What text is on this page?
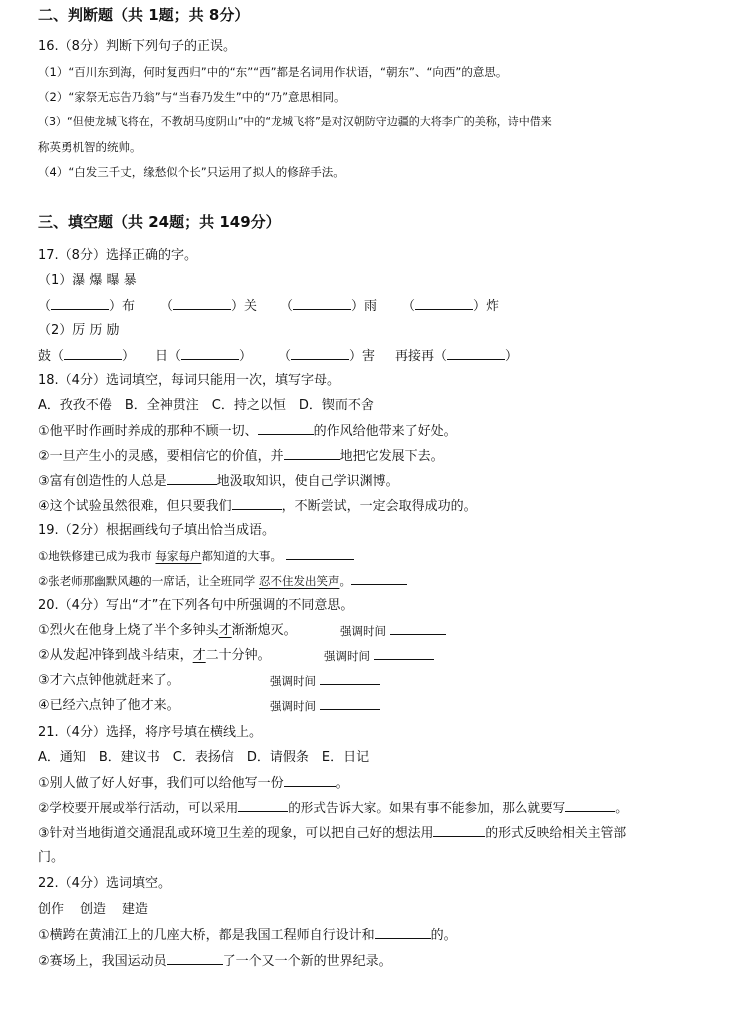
二、判断题（共 1题；共 8分）
16.（8分）判断下列句子的正误。
（1）“百川东到海，何时复西归”中的“东”“西”都是名词用作状语，“朝东”、“向西”的意思。
（2）“家祭无忘告乃翁”与“当春乃发生”中的“乃”意思相同。
（3）“但使龙城飞将在，不教胡马度阴山”中的“龙城飞将”是对汉朝防守边疆的大将李广的美称，诗中借来
称英勇机智的统帅。
（4）“白发三千丈，缘愁似个长”只运用了拟人的修辞手法。
三、填空题（共 24题；共 149分）
17.（8分）选择正确的字。
（1）瀑 爆 曝 暴
（	）布 （	）关 （	）雨 （	）炸
（2）厉 历 励
鼓（	） 日（	） （	）害 再接再（	）
18.（4分）选词填空，每词只能用一次，填写字母。
A．孜孜不倦　B．全神贯注　C．持之以恒　D．锲而不舍
①他平时作画时养成的那种不顾一切、	的作风给他带来了好处。
②一旦产生小的灵感，要相信它的价值，并	地把它发展下去。
③富有创造性的人总是	地汲取知识，使自己学识渊博。
④这个试验虽然很难，但只要我们	，不断尝试，一定会取得成功的。
19.（2分）根据画线句子填出恰当成语。
①地铁修建已成为我市 每家每户都知道的大事。
②张老师那幽默风趣的一席话，让全班同学 忍不住发出笑声。
20.（4分）写出“才”在下列各句中所强调的不同意思。
①烈火在他身上烧了半个多钟头才渐渐熄灭。	强调时间
②从发起冲锋到战斗结束，才二十分钟。	强调时间
③才六点钟他就赶来了。	强调时间
④已经六点钟了他才来。	强调时间
21.（4分）选择，将序号填在横线上。
A．通知　B．建议书　C．表扬信　D．请假条　E．日记
①别人做了好人好事，我们可以给他写一份	。
②学校要开展或举行活动，可以采用	的形式告诉大家。如果有事不能参加，那么就要写	。
③针对当地街道交通混乱或环境卫生差的现象，可以把自己好的想法用	的形式反映给相关主管部
门。
22.（4分）选词填空。
创作 创造 建造
①横跨在黄浦江上的几座大桥，都是我国工程师自行设计和	的。
②赛场上，我国运动员	了一个又一个新的世界纪录。
